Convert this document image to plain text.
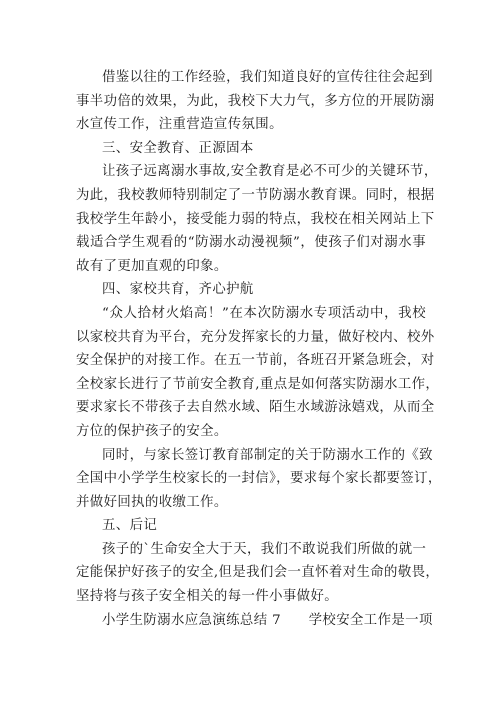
借鉴以往的工作经验，我们知道良好的宣传往往会起到
事半功倍的效果，为此，我校下大力气，多方位的开展防溺
水宣传工作，注重营造宣传氛围。
三、安全教育、正源固本
让孩子远离溺水事故,安全教育是必不可少的关键环节，
为此，我校教师特别制定了一节防溺水教育课。同时，根据
我校学生年龄小，接受能力弱的特点，我校在相关网站上下
载适合学生观看的“防溺水动漫视频”，使孩子们对溺水事
故有了更加直观的印象。
四、家校共育，齐心护航
“众人拾材火焰高！”在本次防溺水专项活动中，我校
以家校共育为平台，充分发挥家长的力量，做好校内、校外
安全保护的对接工作。在五一节前，各班召开紧急班会，对
全校家长进行了节前安全教育,重点是如何落实防溺水工作，
要求家长不带孩子去自然水域、陌生水域游泳嬉戏，从而全
方位的保护孩子的安全。
同时，与家长签订教育部制定的关于防溺水工作的《致
全国中小学学生校家长的一封信》，要求每个家长都要签订，
并做好回执的收缴工作。
五、后记
孩子的`生命安全大于天，我们不敢说我们所做的就一
定能保护好孩子的安全,但是我们会一直怀着对生命的敬畏，
坚持将与孩子安全相关的每一件小事做好。
小学生防溺水应急演练总结 7　　学校安全工作是一项
